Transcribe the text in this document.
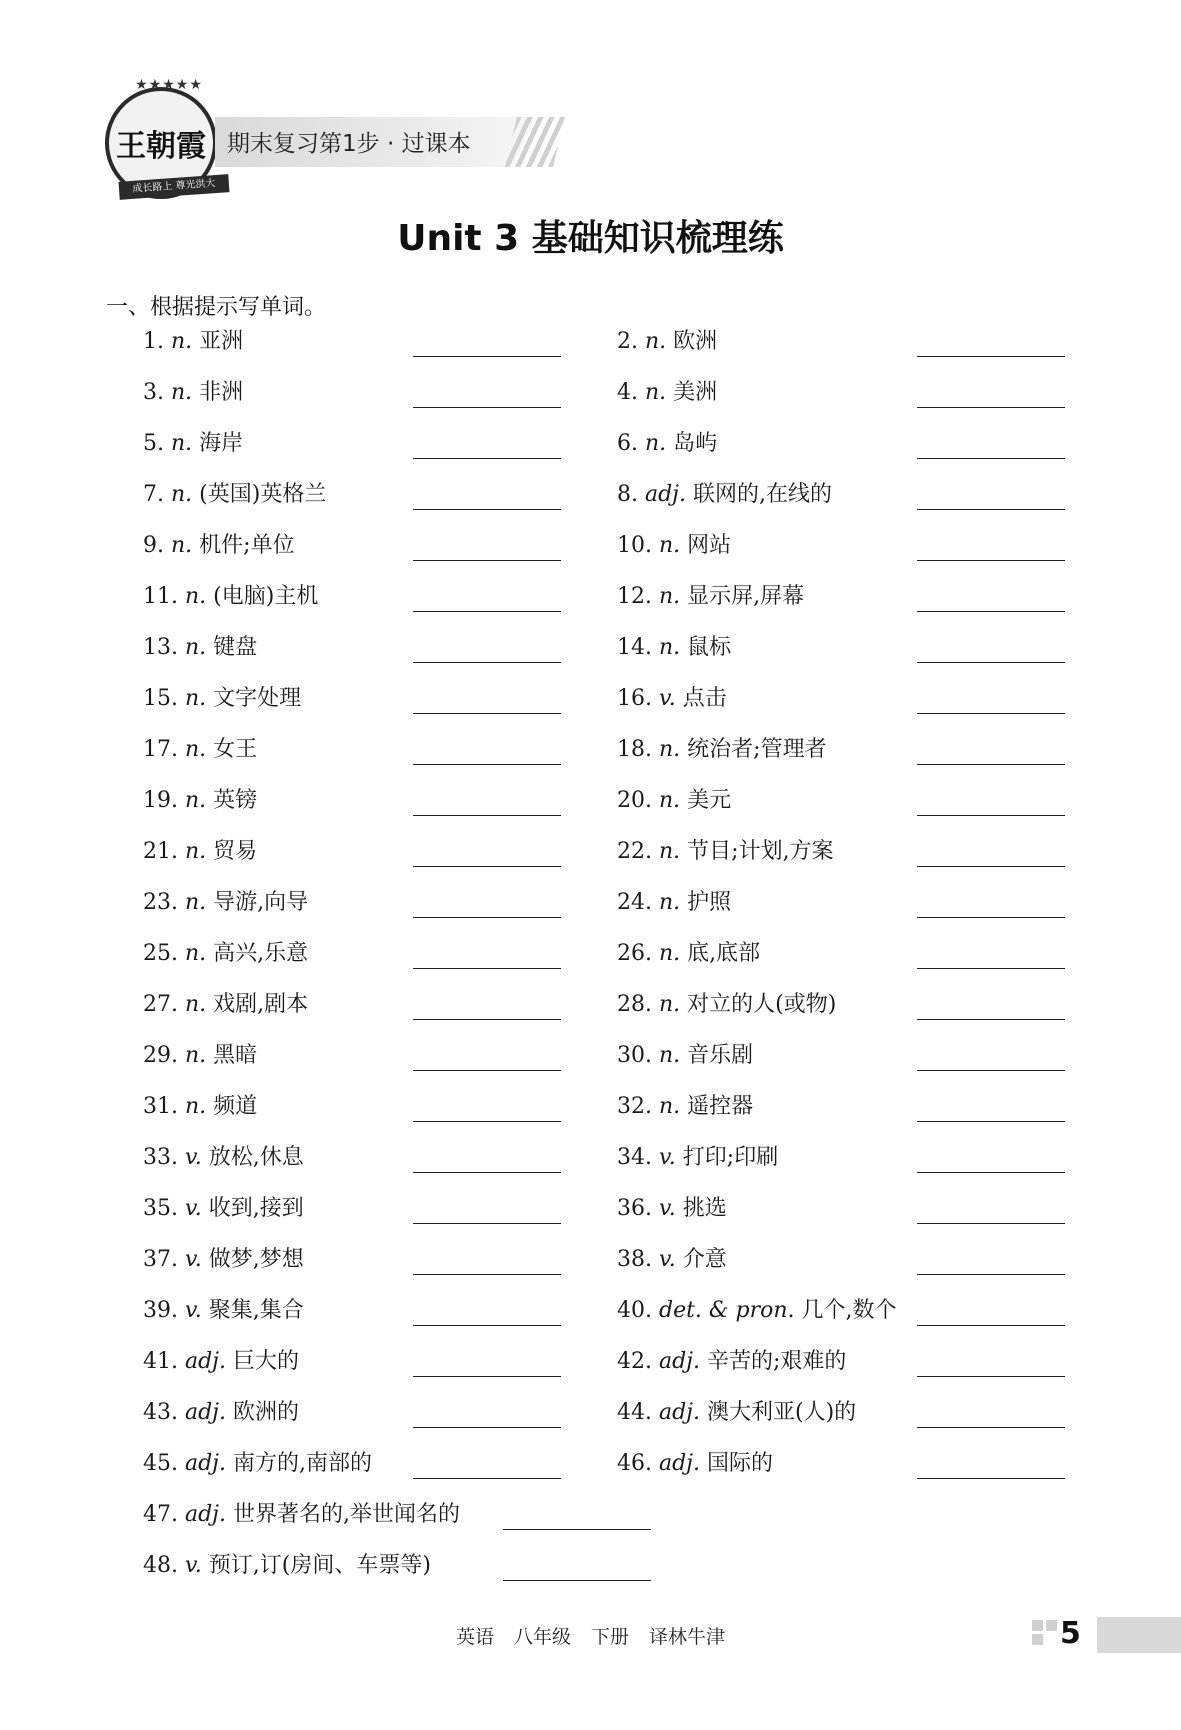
★★★★★
王朝霞
成长路上 尊光洪大
期末复习第1步 · 过课本
Unit 3 基础知识梳理练
一、根据提示写单词。
1. n. 亚洲	2. n. 欧洲
3. n. 非洲	4. n. 美洲
5. n. 海岸	6. n. 岛屿
7. n. (英国)英格兰	8. adj. 联网的,在线的
9. n. 机件;单位	10. n. 网站
11. n. (电脑)主机	12. n. 显示屏,屏幕
13. n. 键盘	14. n. 鼠标
15. n. 文字处理	16. v. 点击
17. n. 女王	18. n. 统治者;管理者
19. n. 英镑	20. n. 美元
21. n. 贸易	22. n. 节目;计划,方案
23. n. 导游,向导	24. n. 护照
25. n. 高兴,乐意	26. n. 底,底部
27. n. 戏剧,剧本	28. n. 对立的人(或物)
29. n. 黑暗	30. n. 音乐剧
31. n. 频道	32. n. 遥控器
33. v. 放松,休息	34. v. 打印;印刷
35. v. 收到,接到	36. v. 挑选
37. v. 做梦,梦想	38. v. 介意
39. v. 聚集,集合	40. det. & pron. 几个,数个
41. adj. 巨大的	42. adj. 辛苦的;艰难的
43. adj. 欧洲的	44. adj. 澳大利亚(人)的
45. adj. 南方的,南部的	46. adj. 国际的
47. adj. 世界著名的,举世闻名的
48. v. 预订,订(房间、车票等)
英语 八年级 下册 译林牛津	5
